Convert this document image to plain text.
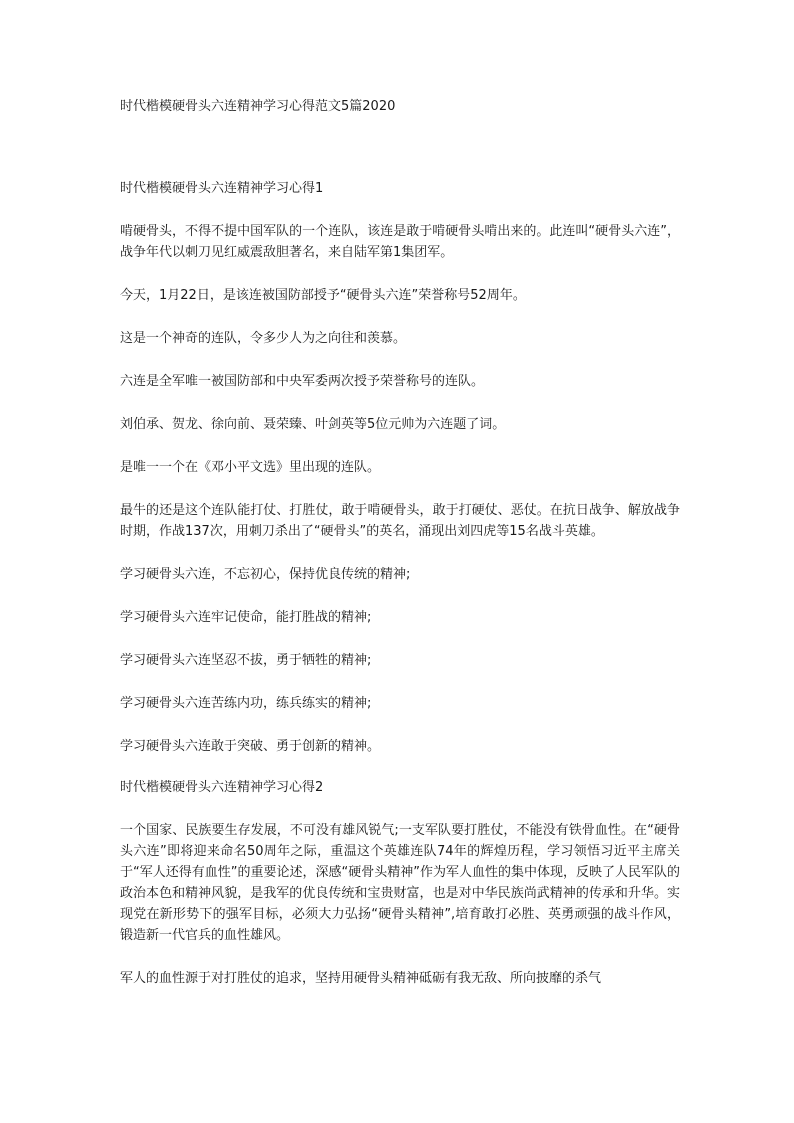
时代楷模硬骨头六连精神学习心得范文5篇2020
时代楷模硬骨头六连精神学习心得1

啃硬骨头，不得不提中国军队的一个连队，该连是敢于啃硬骨头啃出来的。此连叫“硬骨头六连”，战争年代以刺刀见红威震敌胆著名，来自陆军第1集团军。

今天，1月22日，是该连被国防部授予“硬骨头六连”荣誉称号52周年。

这是一个神奇的连队，令多少人为之向往和羡慕。

六连是全军唯一被国防部和中央军委两次授予荣誉称号的连队。

刘伯承、贺龙、徐向前、聂荣臻、叶剑英等5位元帅为六连题了词。

是唯一一个在《邓小平文选》里出现的连队。

最牛的还是这个连队能打仗、打胜仗，敢于啃硬骨头，敢于打硬仗、恶仗。在抗日战争、解放战争时期，作战137次，用刺刀杀出了“硬骨头”的英名，涌现出刘四虎等15名战斗英雄。

学习硬骨头六连，不忘初心，保持优良传统的精神;

学习硬骨头六连牢记使命，能打胜战的精神;

学习硬骨头六连坚忍不拔，勇于牺牲的精神;

学习硬骨头六连苦练内功，练兵练实的精神;

学习硬骨头六连敢于突破、勇于创新的精神。

时代楷模硬骨头六连精神学习心得2

一个国家、民族要生存发展，不可没有雄风锐气;一支军队要打胜仗，不能没有铁骨血性。在“硬骨头六连”即将迎来命名50周年之际，重温这个英雄连队74年的辉煌历程，学习领悟习近平主席关于“军人还得有血性”的重要论述，深感“硬骨头精神”作为军人血性的集中体现，反映了人民军队的政治本色和精神风貌，是我军的优良传统和宝贵财富，也是对中华民族尚武精神的传承和升华。实现党在新形势下的强军目标，必须大力弘扬“硬骨头精神”,培育敢打必胜、英勇顽强的战斗作风，锻造新一代官兵的血性雄风。

军人的血性源于对打胜仗的追求，坚持用硬骨头精神砥砺有我无敌、所向披靡的杀气
